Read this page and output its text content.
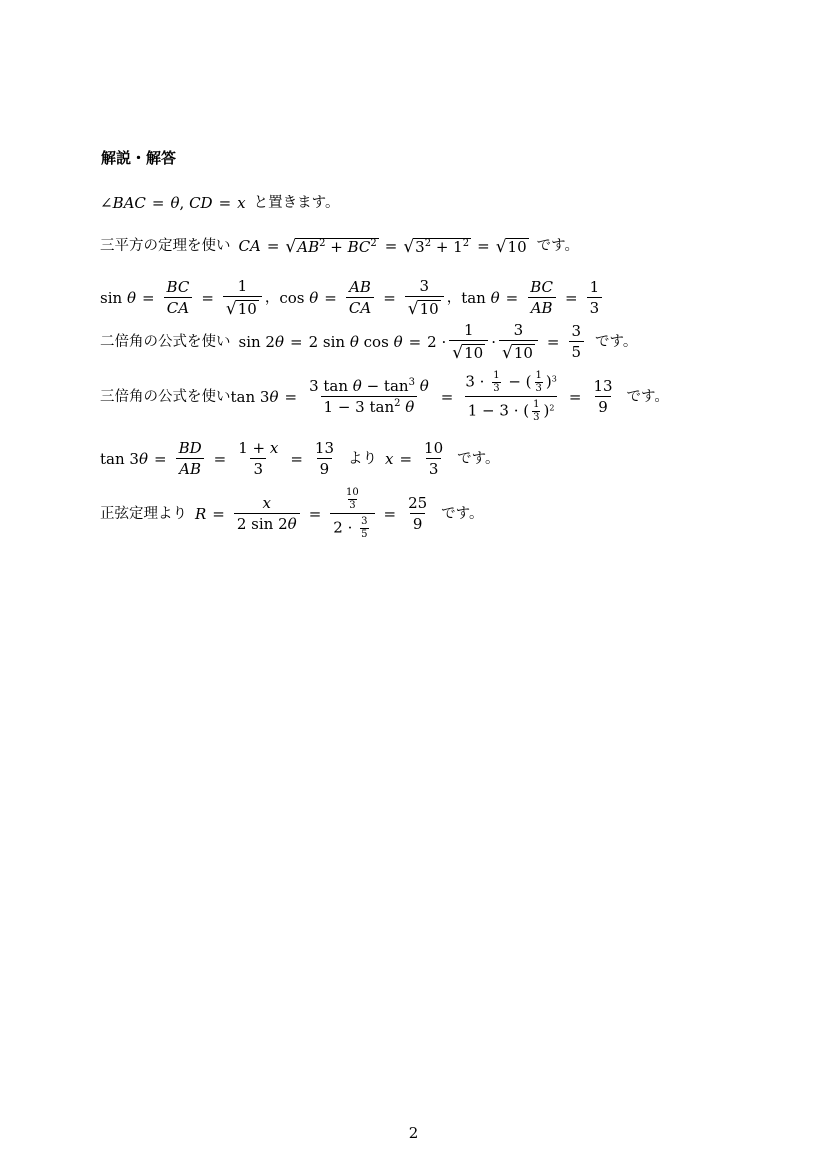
解説・解答
∠ BAC = θ , CD = x と置きます。
三平方の定理を使い CA = √ $AB^2 + BC^2$ = √ $3^2 + 1^2$ = √ 10 です。
sin
$\theta = \frac{BC}{CA} = \frac{1}{√ 10}$ ， cos
$\theta = \frac{AB}{CA} = \frac{3}{√ 10}$ ， tan
$\theta = \frac{BC}{AB} = \frac{1}{3}$
二倍角の公式を使い sin 2 θ = 2 sin
θ
cos
$\theta = 2 \cdot \frac{1}{√ 10} \cdot \frac{3}{√ 10} = \frac{3}{5}$ です。
三倍角の公式を使い tan 3 $\theta = \frac{3 \tan \theta - \tan^3 \theta}{1 - 3 \tan^2 \theta} = \frac{3 \cdot \frac{1}{3} - ( \frac{1}{3} )^3}{1 - 3 \cdot ( \frac{1}{3} )^2} = \frac{13}{9}$ です。
tan 3 $\theta = \frac{BD}{AB} = \frac{1 + x}{3} = \frac{13}{9}$ より $x = \frac{10}{3}$ です。
正弦定理より $R = \frac{x}{2 \sin 2\theta} = \frac{\frac{10}{3}}{2 \cdot \frac{3}{5}} = \frac{25}{9}$ です。
2
